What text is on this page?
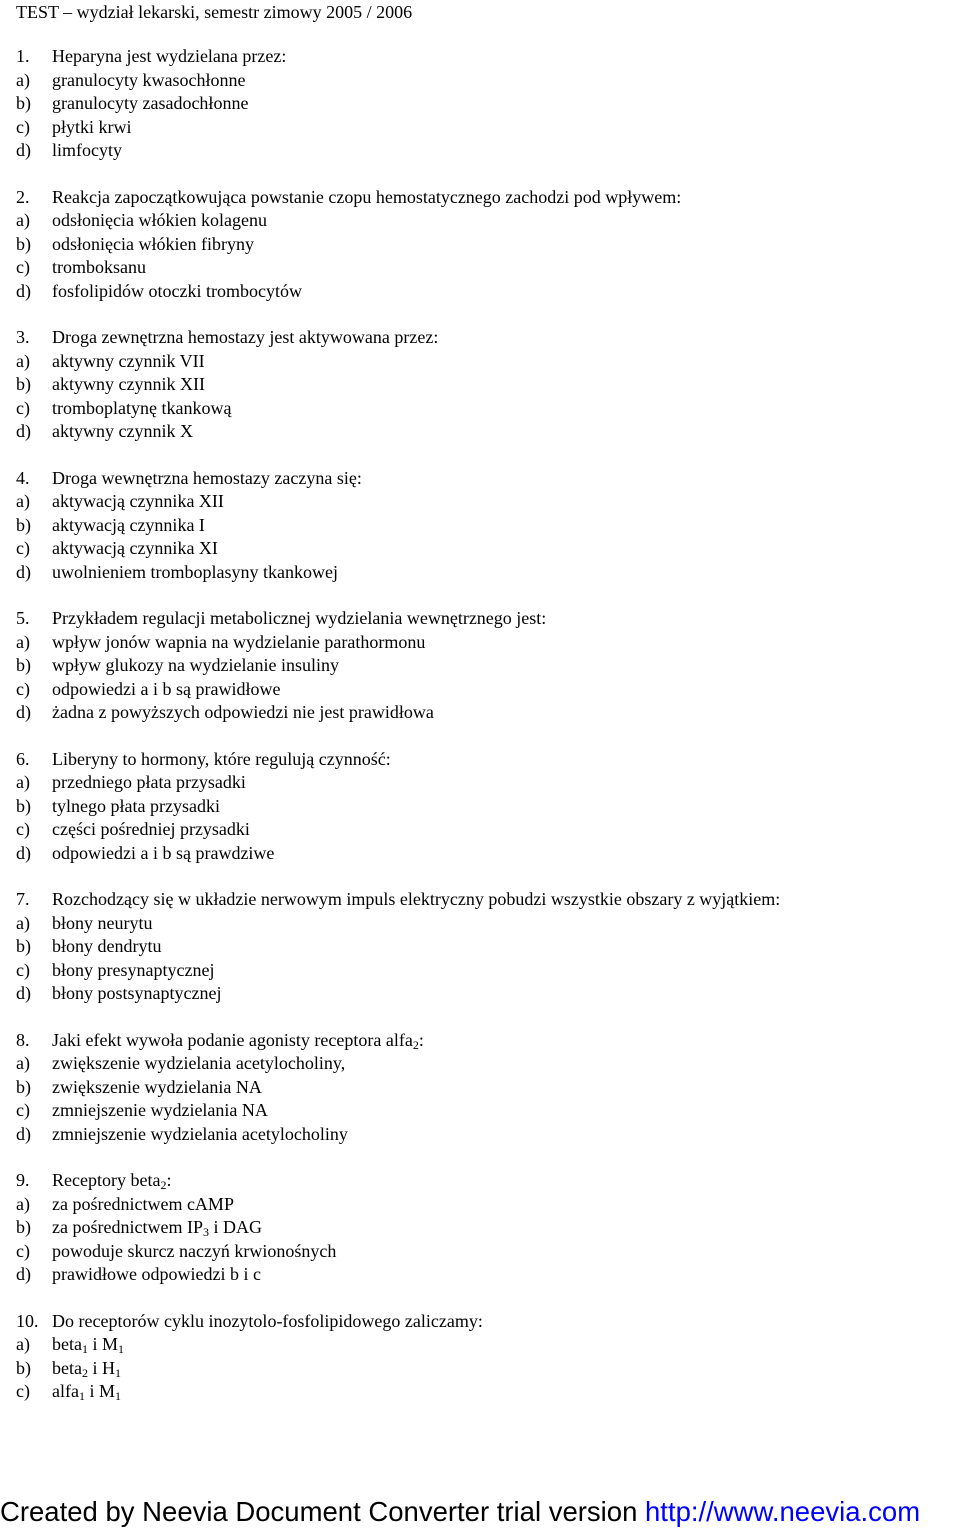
TEST – wydział lekarski, semestr zimowy 2005 / 2006
1.	Heparyna jest wydzielana przez:
a)	granulocyty kwasochłonne
b)	granulocyty zasadochłonne
c)	płytki krwi
d)	limfocyty
2.	Reakcja zapoczątkowująca powstanie czopu hemostatycznego zachodzi pod wpływem:
a)	odsłonięcia włókien kolagenu
b)	odsłonięcia włókien fibryny
c)	tromboksanu
d)	fosfolipidów otoczki trombocytów
3.	Droga zewnętrzna hemostazy jest aktywowana przez:
a)	aktywny czynnik VII
b)	aktywny czynnik XII
c)	tromboplatynę tkankową
d)	aktywny czynnik X
4.	Droga wewnętrzna hemostazy zaczyna się:
a)	aktywacją czynnika XII
b)	aktywacją czynnika I
c)	aktywacją czynnika XI
d)	uwolnieniem tromboplasyny tkankowej
5.	Przykładem regulacji metabolicznej wydzielania wewnętrznego jest:
a)	wpływ jonów wapnia na wydzielanie parathormonu
b)	wpływ glukozy na wydzielanie insuliny
c)	odpowiedzi a i b są prawidłowe
d)	żadna z powyższych odpowiedzi nie jest prawidłowa
6.	Liberyny to hormony, które regulują czynność:
a)	przedniego płata przysadki
b)	tylnego płata przysadki
c)	części pośredniej przysadki
d)	odpowiedzi a i b są prawdziwe
7.	Rozchodzący się w układzie nerwowym impuls elektryczny pobudzi wszystkie obszary z wyjątkiem:
a)	błony neurytu
b)	błony dendrytu
c)	błony presynaptycznej
d)	błony postsynaptycznej
8.	Jaki efekt wywoła podanie agonisty receptora alfa$_2$:
a)	zwiększenie wydzielania acetylocholiny,
b)	zwiększenie wydzielania NA
c)	zmniejszenie wydzielania NA
d)	zmniejszenie wydzielania acetylocholiny
9.	Receptory beta$_2$:
a)	za pośrednictwem cAMP
b)	za pośrednictwem $IP_3$ i DAG
c)	powoduje skurcz naczyń krwionośnych
d)	prawidłowe odpowiedzi b i c
10. Do receptorów cyklu inozytolo-fosfolipidowego zaliczamy:
a)	beta$_1$ i $M_1$
b)	beta$_2$ i $H_1$
c)	alfa$_1$ i $M_1$
Created by Neevia Document Converter trial version http://www.neevia.com
